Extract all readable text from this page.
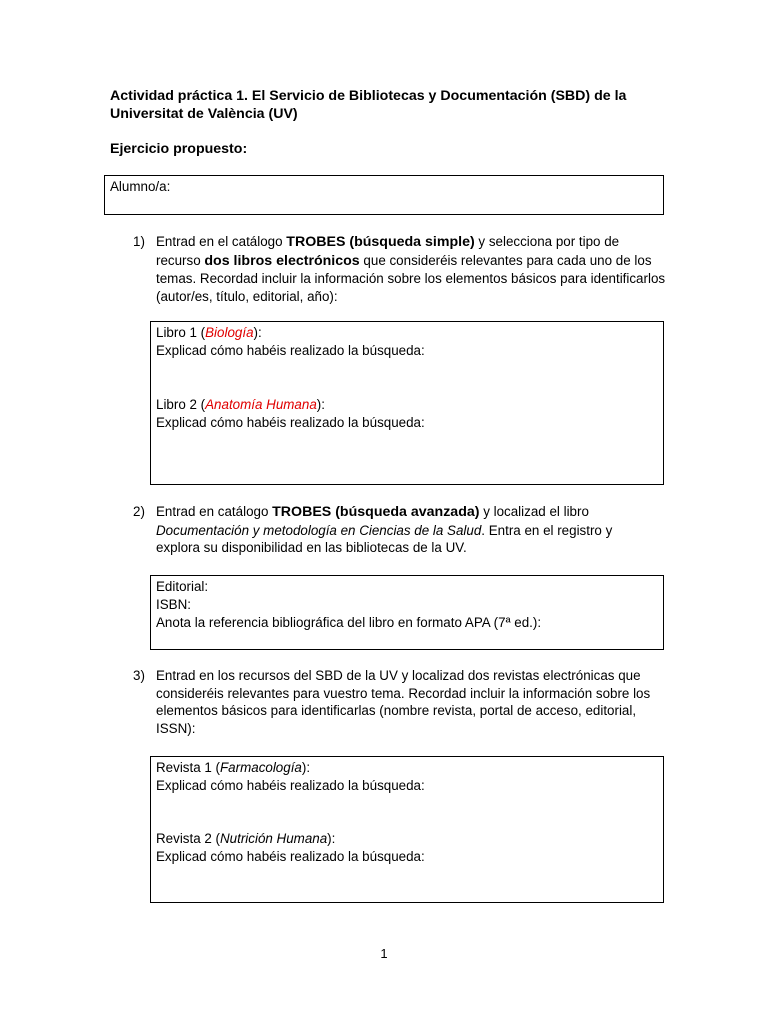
Actividad práctica 1. El Servicio de Bibliotecas y Documentación (SBD) de la Universitat de València (UV)
Ejercicio propuesto:
Alumno/a:
1) Entrad en el catálogo TROBES (búsqueda simple) y selecciona por tipo de recurso dos libros electrónicos que consideréis relevantes para cada uno de los temas. Recordad incluir la información sobre los elementos básicos para identificarlos (autor/es, título, editorial, año):
Libro 1 (Biología):
Explicad cómo habéis realizado la búsqueda:
Libro 2 (Anatomía Humana):
Explicad cómo habéis realizado la búsqueda:
2) Entrad en catálogo TROBES (búsqueda avanzada) y localizad el libro Documentación y metodología en Ciencias de la Salud. Entra en el registro y explora su disponibilidad en las bibliotecas de la UV.
Editorial:
ISBN:
Anota la referencia bibliográfica del libro en formato APA (7ª ed.):
3) Entrad en los recursos del SBD de la UV y localizad dos revistas electrónicas que consideréis relevantes para vuestro tema. Recordad incluir la información sobre los elementos básicos para identificarlas (nombre revista, portal de acceso, editorial, ISSN):
Revista 1 (Farmacología):
Explicad cómo habéis realizado la búsqueda:
Revista 2 (Nutrición Humana):
Explicad cómo habéis realizado la búsqueda:
1
